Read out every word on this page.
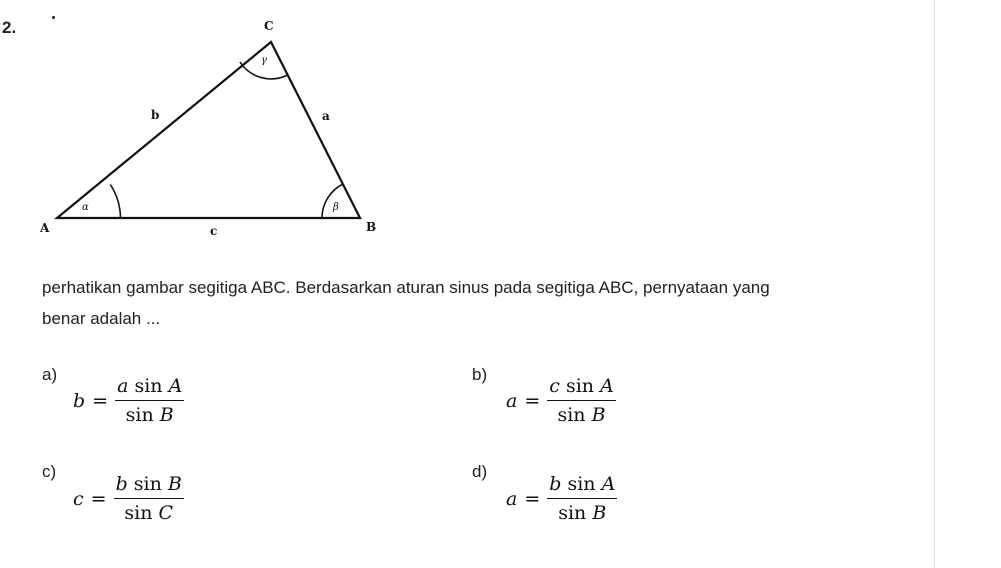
2.	C
A	B
b	a
c
α	β
γ
perhatikan gambar segitiga ABC. Berdasarkan aturan sinus pada segitiga ABC, pernyataan yang
benar adalah ...
a)
$b = \frac{\text{a sin A}}{\text{sin B}}$
b)
$a = \frac{\text{c sin A}}{\text{sin B}}$
c)
$c = \frac{\text{b sin B}}{\text{sin C}}$
d)
$a = \frac{\text{b sin A}}{\text{sin B}}$
